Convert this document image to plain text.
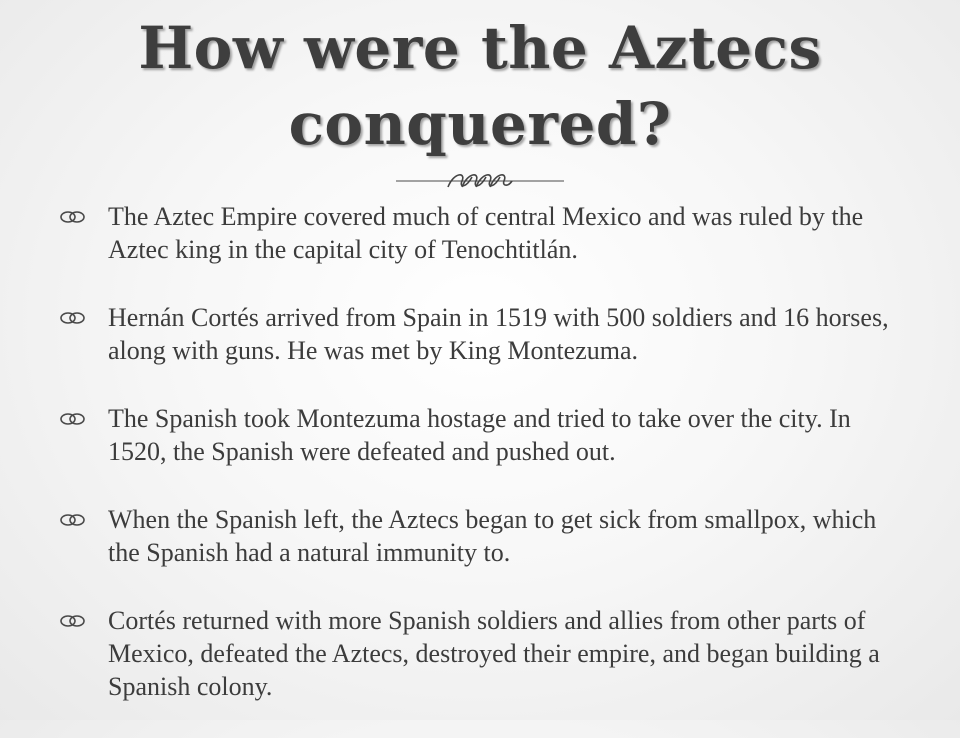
How were the Aztecs
conquered?
The Aztec Empire covered much of central Mexico and was ruled by the Aztec king in the capital city of Tenochtitlán.
Hernán Cortés arrived from Spain in 1519 with 500 soldiers and 16 horses, along with guns. He was met by King Montezuma.
The Spanish took Montezuma hostage and tried to take over the city. In 1520, the Spanish were defeated and pushed out.
When the Spanish left, the Aztecs began to get sick from smallpox, which the Spanish had a natural immunity to.
Cortés returned with more Spanish soldiers and allies from other parts of Mexico, defeated the Aztecs, destroyed their empire, and began building a Spanish colony.
